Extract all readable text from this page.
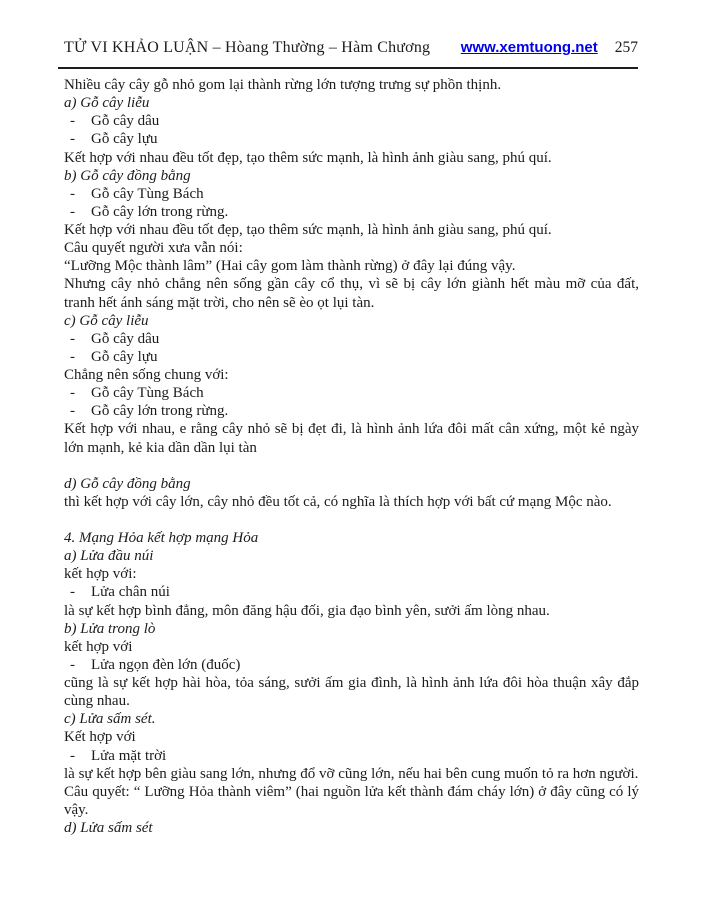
TỬ VI KHẢO LUẬN – Hòang Thường – Hàm Chương	www.xemtuong.net 257
Nhiều cây cây gỗ nhỏ gom lại thành rừng lớn tượng trưng sự phồn thịnh.
a) Gỗ cây liễu
- Gỗ cây dâu
- Gỗ cây lựu
Kết hợp với nhau đều tốt đẹp, tạo thêm sức mạnh, là hình ảnh giàu sang, phú quí.
b) Gỗ cây đồng bằng
- Gỗ cây Tùng Bách
- Gỗ cây lớn trong rừng.
Kết hợp với nhau đều tốt đẹp, tạo thêm sức mạnh, là hình ảnh giàu sang, phú quí.
Câu quyết người xưa vẫn nói:
“Lưỡng Mộc thành lâm” (Hai cây gom làm thành rừng) ở đây lại đúng vậy.
Nhưng cây nhỏ chẳng nên sống gần cây cổ thụ, vì sẽ bị cây lớn giành hết màu mỡ của đất, tranh hết ánh sáng mặt trời, cho nên sẽ èo ọt lụi tàn.
c) Gỗ cây liễu
- Gỗ cây dâu
- Gỗ cây lựu
Chẳng nên sống chung với:
- Gỗ cây Tùng Bách
- Gỗ cây lớn trong rừng.
Kết hợp với nhau, e rằng cây nhỏ sẽ bị đẹt đi, là hình ảnh lứa đôi mất cân xứng, một kẻ ngày lớn mạnh, kẻ kia dần dần lụi tàn
d) Gỗ cây đồng bằng
thì kết hợp với cây lớn, cây nhỏ đều tốt cả, có nghĩa là thích hợp với bất cứ mạng Mộc nào.
4. Mạng Hỏa kết hợp mạng Hỏa
a) Lửa đầu núi
kết hợp với:
- Lửa chân núi
là sự kết hợp bình đẳng, môn đăng hậu đối, gia đạo bình yên, sưởi ấm lòng nhau.
b) Lửa trong lò
kết hợp với
- Lửa ngọn đèn lớn (đuốc)
cũng là sự kết hợp hài hòa, tỏa sáng, sưởi ấm gia đình, là hình ảnh lứa đôi hòa thuận xây đắp cùng nhau.
c) Lửa sấm sét.
Kết hợp với
- Lửa mặt trời
là sự kết hợp bên giàu sang lớn, nhưng đổ vỡ cũng lớn, nếu hai bên cung muốn tỏ ra hơn người.
Câu quyết: “ Lưỡng Hỏa thành viêm” (hai nguồn lửa kết thành đám cháy lớn) ở đây cũng có lý vậy.
d) Lửa sấm sét
